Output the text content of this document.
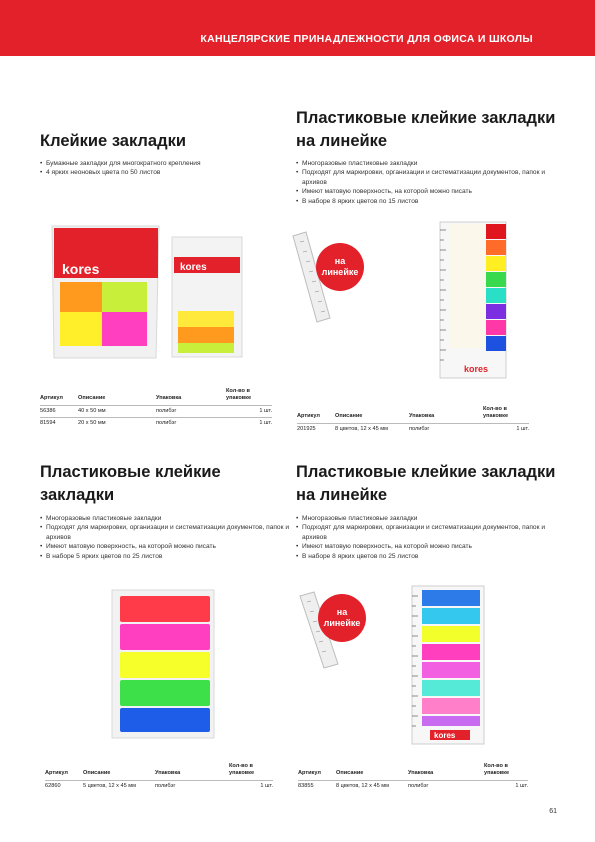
КАНЦЕЛЯРСКИЕ ПРИНАДЛЕЖНОСТИ ДЛЯ ОФИСА И ШКОЛЫ
Клейкие закладки
• Бумажные закладки для многократного крепления
• 4 ярких неоновых цвета по 50 листов
kores	kores
Артикул	Описание	Упаковка	Кол-во в упаковке
56386	40 х 50 мм	полибэг	1 шт.
81594	20 х 50 мм	полибэг	1 шт.
Пластиковые клейкие закладки на линейке
• Многоразовые пластиковые закладки
• Подходят для маркировки, организации и систематизации документов, папок и архивов
• Имеют матовую поверхность, на которой можно писать
• В наборе 8 ярких цветов по 15 листов
на линейке
kores
Артикул	Описание	Упаковка	Кол-во в упаковке
201925	8 цветов, 12 х 45 мм	полибэг	1 шт.
Пластиковые клейкие закладки
• Многоразовые пластиковые закладки
• Подходят для маркировки, организации и систематизации документов, папок и архивов
• Имеют матовую поверхность, на которой можно писать
• В наборе 5 ярких цветов по 25 листов
Артикул	Описание	Упаковка	Кол-во в упаковке
62860	5 цветов, 12 х 45 мм	полибэг	1 шт.
Пластиковые клейкие закладки на линейке
• Многоразовые пластиковые закладки
• Подходят для маркировки, организации и систематизации документов, папок и архивов
• Имеют матовую поверхность, на которой можно писать
• В наборе 8 ярких цветов по 25 листов
на линейке
kores
Артикул	Описание	Упаковка	Кол-во в упаковке
83855	8 цветов, 12 х 45 мм	полибэг	1 шт.
61
